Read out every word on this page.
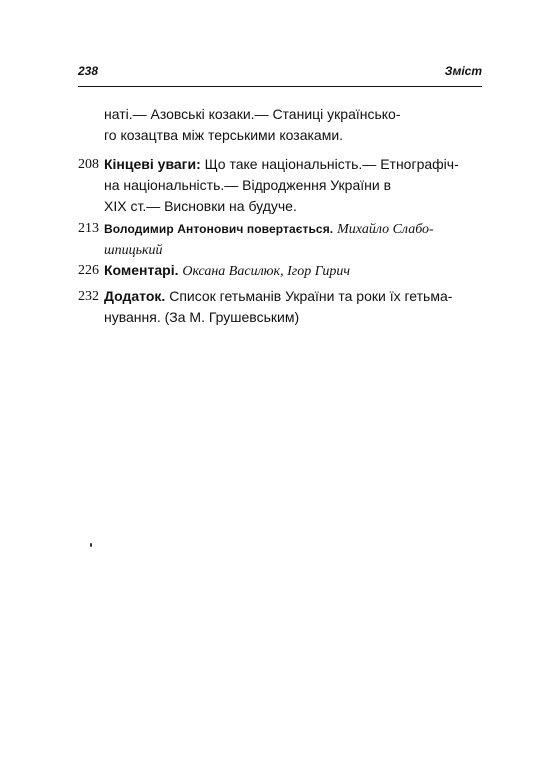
238	Зміст
наті.— Азовські козаки.— Станиці українсько-
го козацтва між терськими козаками.
208 Кінцеві уваги: Що таке національність.— Етнографіч-
на національність.— Відродження України в
XIX ст.— Висновки на будуче.
213 Володимир Антонович повертається. Михайло Слабо-
шпицький
226 Коментарі. Оксана Василюк, Ігор Гирич
232 Додаток. Список гетьманів України та роки їх гетьма-
нування. (За М. Грушевським)
